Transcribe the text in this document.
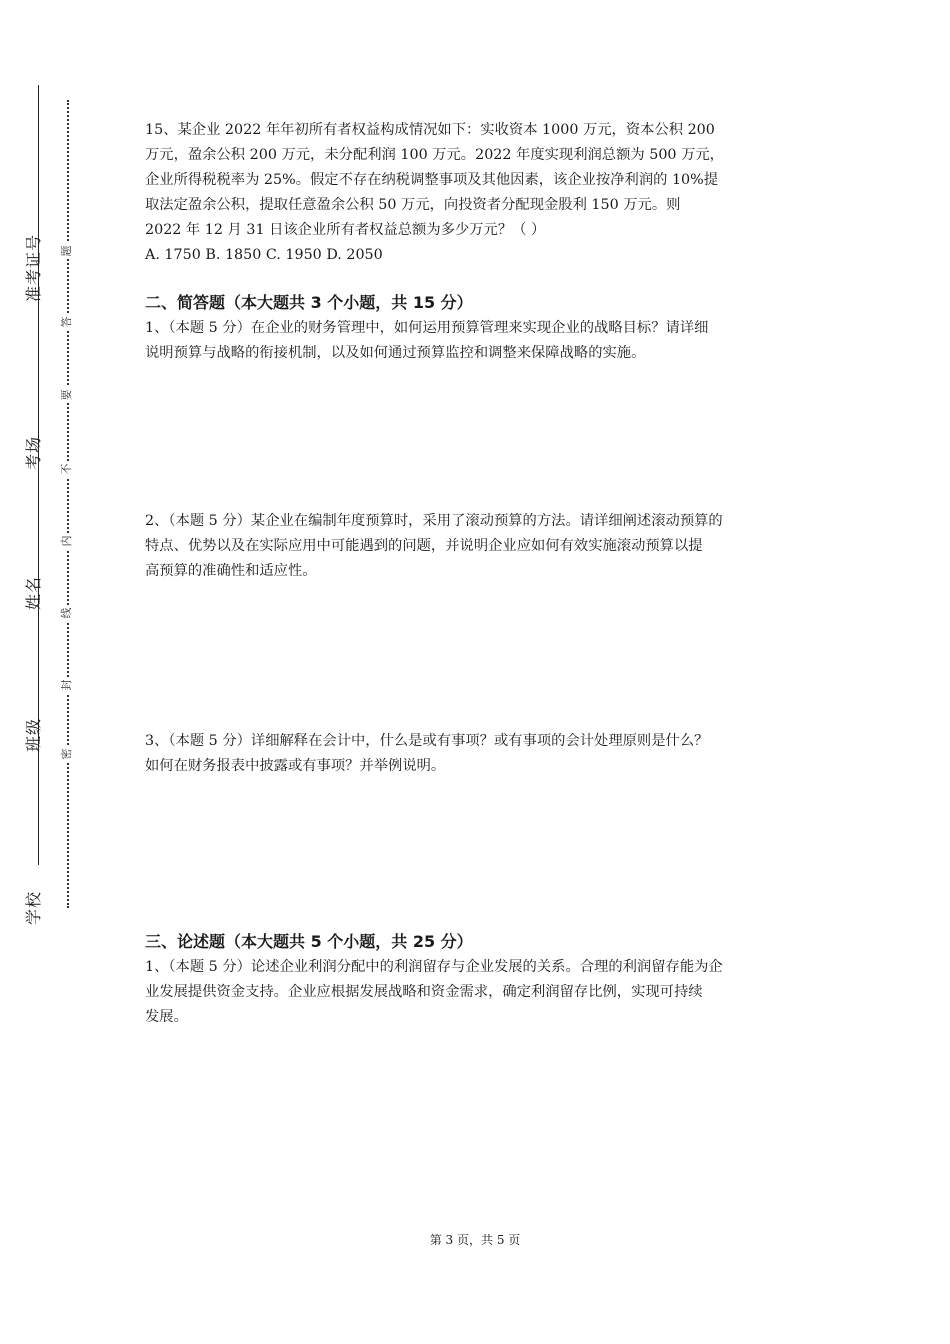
学校
班级
姓名
考场
准考证号
密
封
线
内
不
要
答
题

15、某企业 2022 年年初所有者权益构成情况如下：实收资本 1000 万元，资本公积 200

万元，盈余公积 200 万元，未分配利润 100 万元。2022 年度实现利润总额为 500 万元，

企业所得税税率为 25%。假定不存在纳税调整事项及其他因素，该企业按净利润的 10%提

取法定盈余公积，提取任意盈余公积 50 万元，向投资者分配现金股利 150 万元。则

2022 年 12 月 31 日该企业所有者权益总额为多少万元？（ ）

A. 1750 B. 1850 C. 1950 D. 2050

二、简答题（本大题共 3 个小题，共 15 分）

1、（本题 5 分）在企业的财务管理中，如何运用预算管理来实现企业的战略目标？请详细

说明预算与战略的衔接机制，以及如何通过预算监控和调整来保障战略的实施。

2、（本题 5 分）某企业在编制年度预算时，采用了滚动预算的方法。请详细阐述滚动预算的

特点、优势以及在实际应用中可能遇到的问题，并说明企业应如何有效实施滚动预算以提

高预算的准确性和适应性。

3、（本题 5 分）详细解释在会计中，什么是或有事项？或有事项的会计处理原则是什么？

如何在财务报表中披露或有事项？并举例说明。

三、论述题（本大题共 5 个小题，共 25 分）

1、（本题 5 分）论述企业利润分配中的利润留存与企业发展的关系。合理的利润留存能为企

业发展提供资金支持。企业应根据发展战略和资金需求，确定利润留存比例，实现可持续

发展。

第 3 页，共 5 页
